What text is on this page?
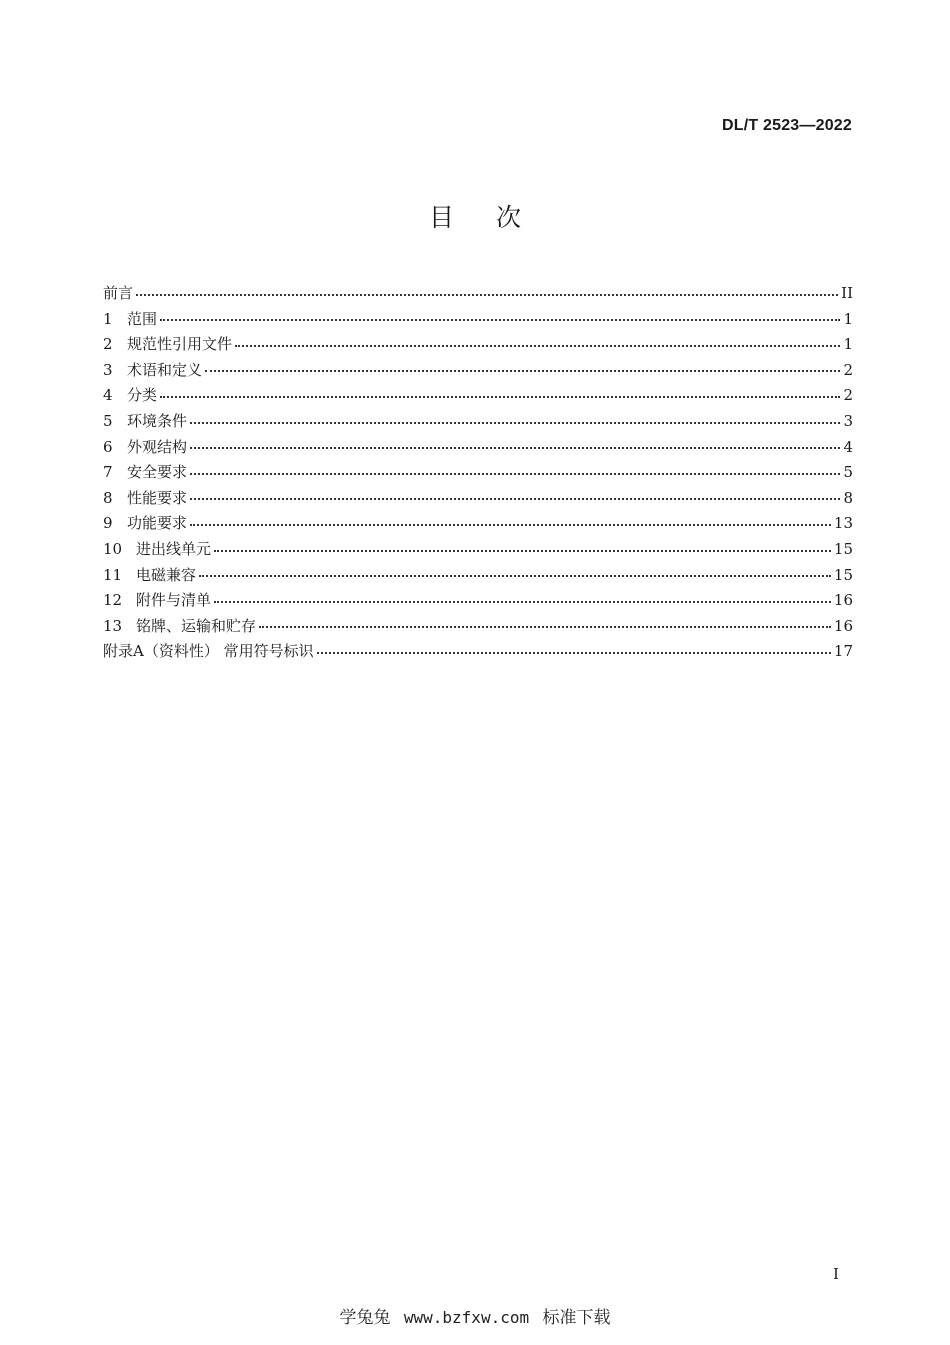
DL/T 2523—2022
目次
前言	II
1 范围	1
2 规范性引用文件	1
3 术语和定义	2
4 分类	2
5 环境条件	3
6 外观结构	4
7 安全要求	5
8 性能要求	8
9 功能要求	13
10 进出线单元	15
11 电磁兼容	15
12 附件与清单	16
13 铭牌、运输和贮存	16
附录A（资料性） 常用符号标识	17
I
学兔兔 www.bzfxw.com 标准下载
